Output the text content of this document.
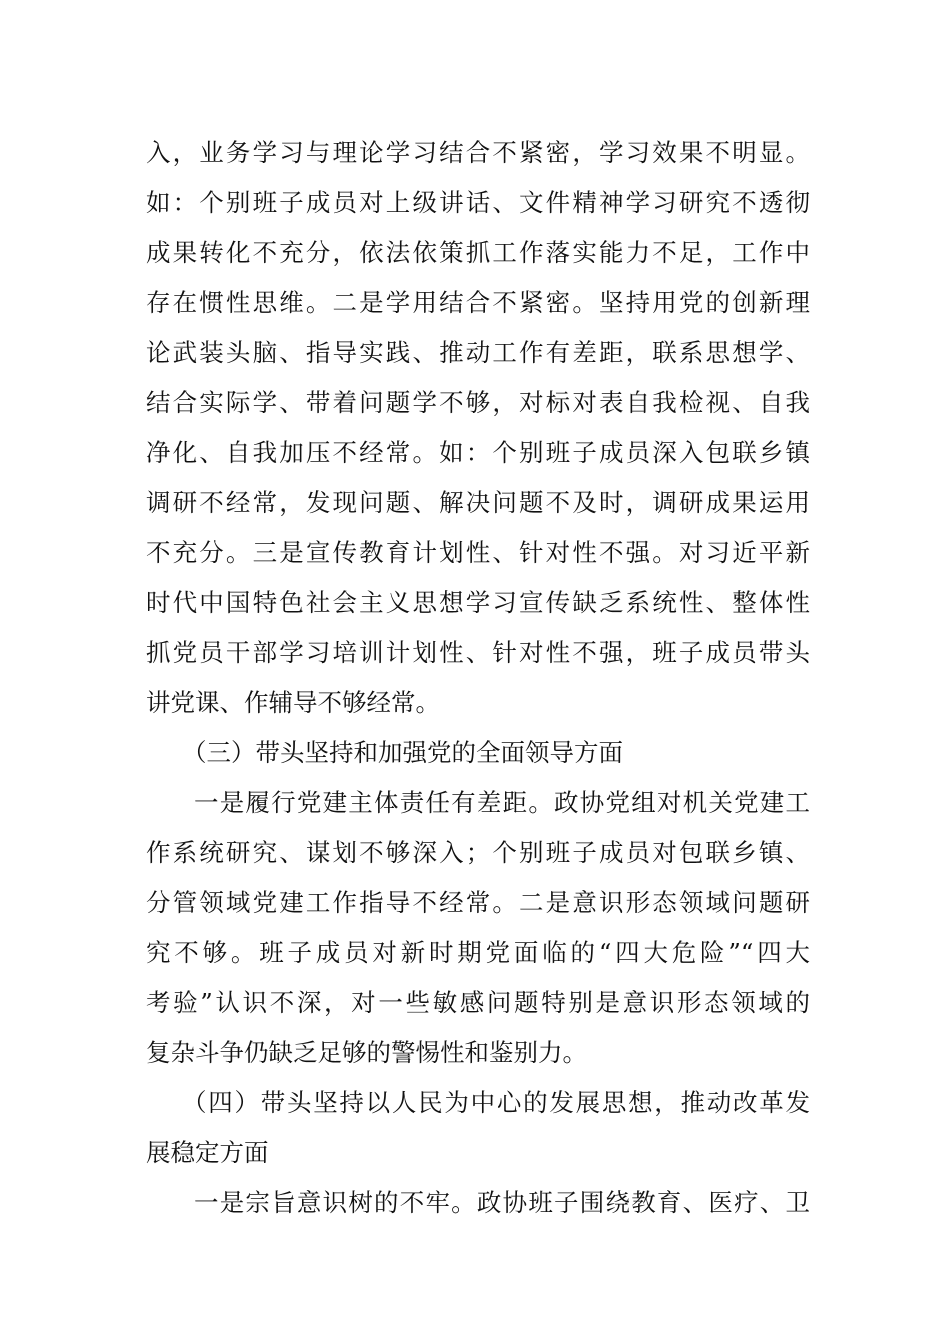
入，业务学习与理论学习结合不紧密，学习效果不明显。
如：个别班子成员对上级讲话、文件精神学习研究不透彻
成果转化不充分，依法依策抓工作落实能力不足，工作中
存在惯性思维。二是学用结合不紧密。坚持用党的创新理
论武装头脑、指导实践、推动工作有差距，联系思想学、
结合实际学、带着问题学不够，对标对表自我检视、自我
净化、自我加压不经常。如：个别班子成员深入包联乡镇
调研不经常，发现问题、解决问题不及时，调研成果运用
不充分。三是宣传教育计划性、针对性不强。对习近平新
时代中国特色社会主义思想学习宣传缺乏系统性、整体性
抓党员干部学习培训计划性、针对性不强，班子成员带头
讲党课、作辅导不够经常。
（三）带头坚持和加强党的全面领导方面
一是履行党建主体责任有差距。政协党组对机关党建工
作系统研究、谋划不够深入；个别班子成员对包联乡镇、
分管领域党建工作指导不经常。二是意识形态领域问题研
究不够。班子成员对新时期党面临的“四大危险”“四大
考验”认识不深，对一些敏感问题特别是意识形态领域的
复杂斗争仍缺乏足够的警惕性和鉴别力。
（四）带头坚持以人民为中心的发展思想，推动改革发
展稳定方面
一是宗旨意识树的不牢。政协班子围绕教育、医疗、卫
